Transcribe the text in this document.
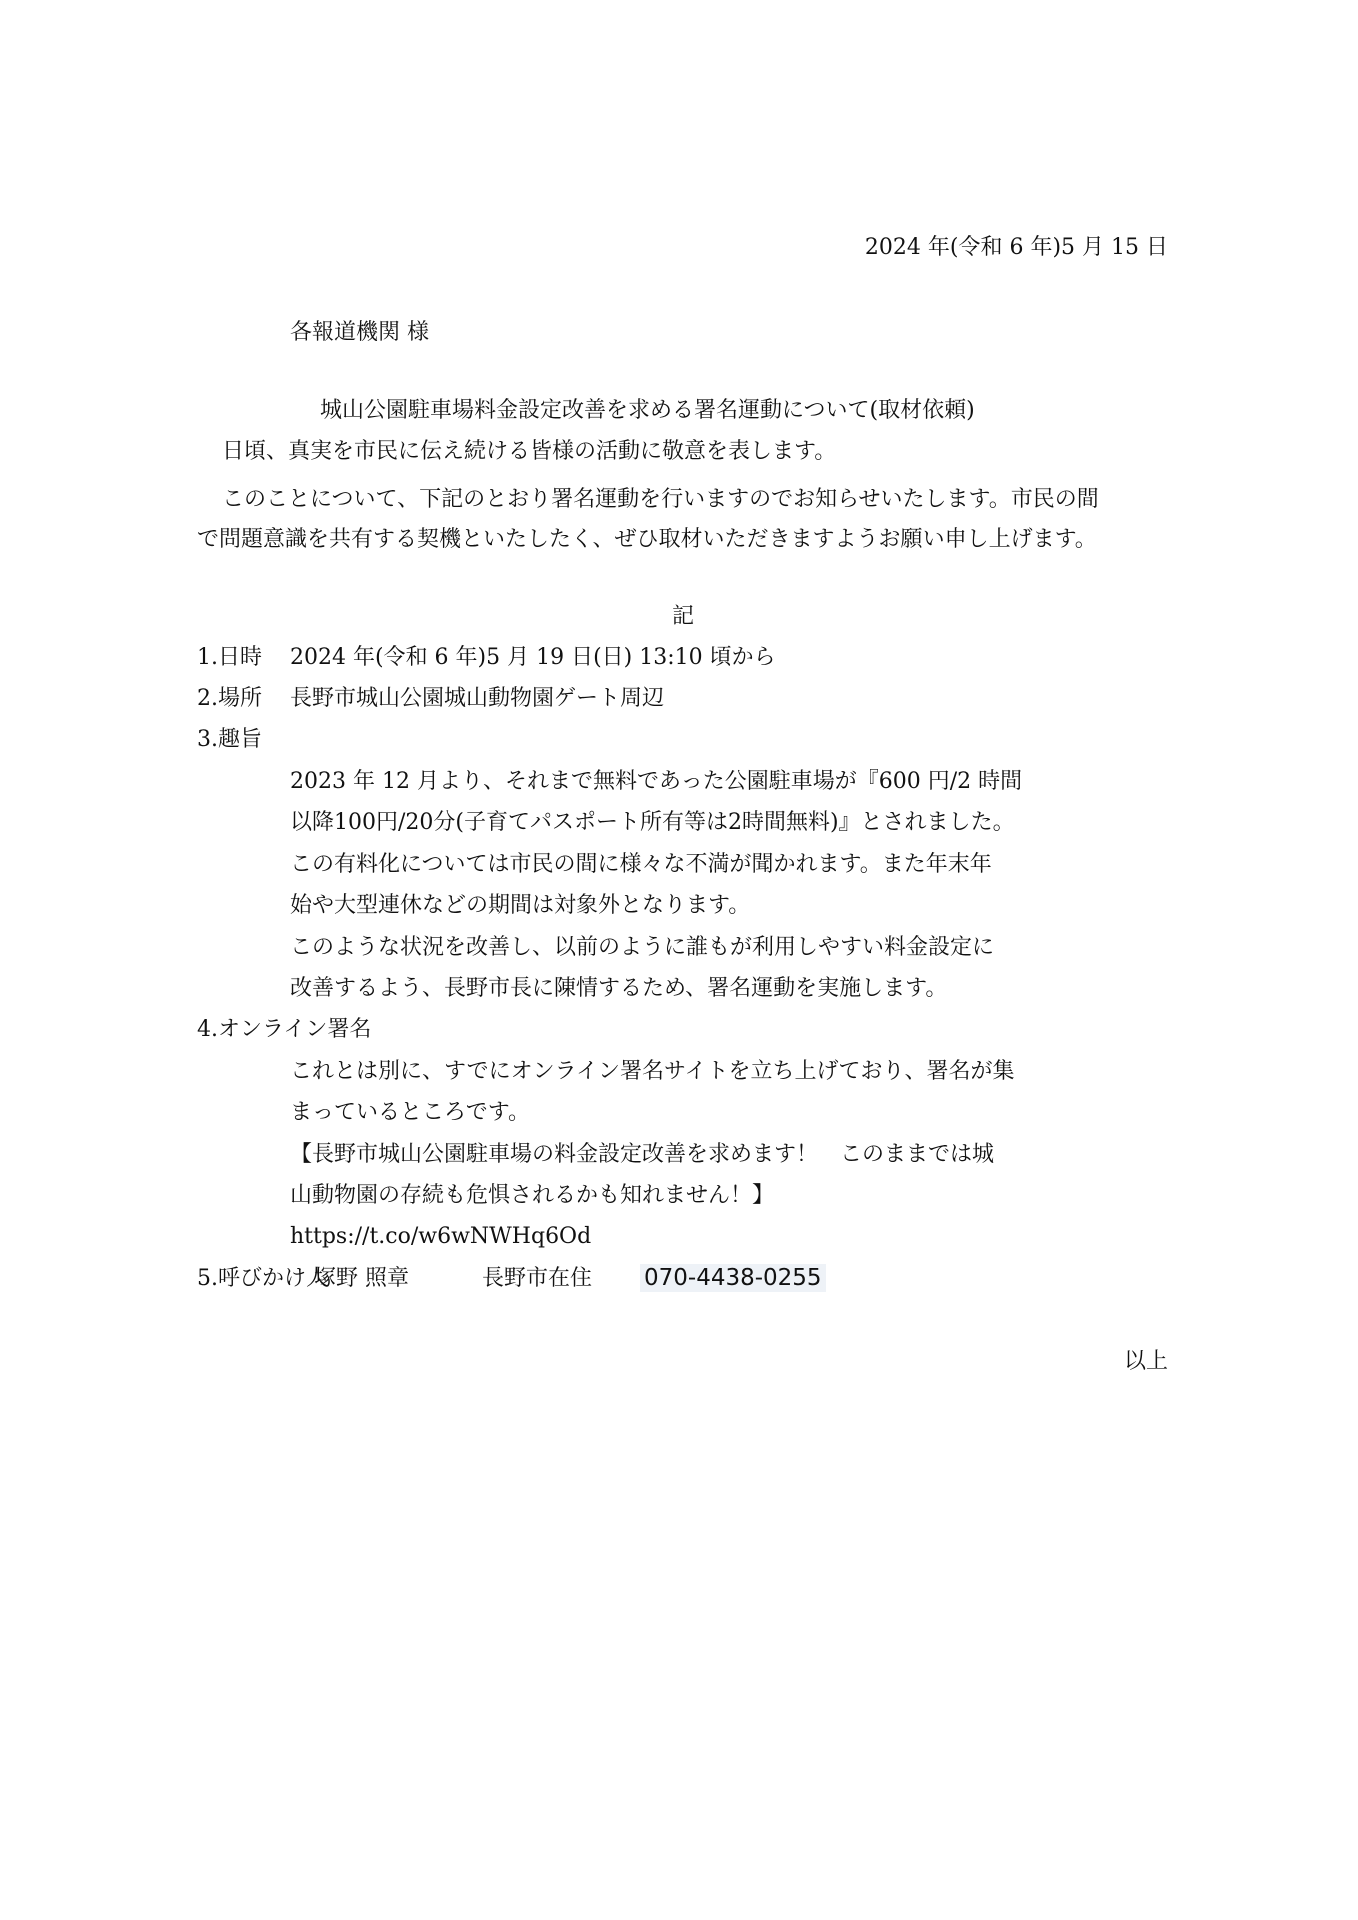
2024 年(令和 6 年)5 月 15 日
各報道機関 様
城山公園駐車場料金設定改善を求める署名運動について(取材依頼)
日頃、真実を市民に伝え続ける皆様の活動に敬意を表します。
このことについて、下記のとおり署名運動を行いますのでお知らせいたします。市民の間
で問題意識を共有する契機といたしたく、ぜひ取材いただきますようお願い申し上げます。
記
1.日時 2024 年(令和 6 年)5 月 19 日(日) 13:10 頃から
2.場所 長野市城山公園城山動物園ゲート周辺
3.趣旨
2023 年 12 月より、それまで無料であった公園駐車場が『600 円/2 時間
以降100円/20分(子育てパスポート所有等は2時間無料)』とされました。
この有料化については市民の間に様々な不満が聞かれます。また年末年
始や大型連休などの期間は対象外となります。
このような状況を改善し、以前のように誰もが利用しやすい料金設定に
改善するよう、長野市長に陳情するため、署名運動を実施します。
4.オンライン署名
これとは別に、すでにオンライン署名サイトを立ち上げており、署名が集
まっているところです。
【長野市城山公園駐車場の料金設定改善を求めます！　このままでは城
山動物園の存続も危惧されるかも知れません！】
https://t.co/w6wNWHq6Od
5.呼びかけ人塚野 照章	長野市在住 070-4438-0255
以上
